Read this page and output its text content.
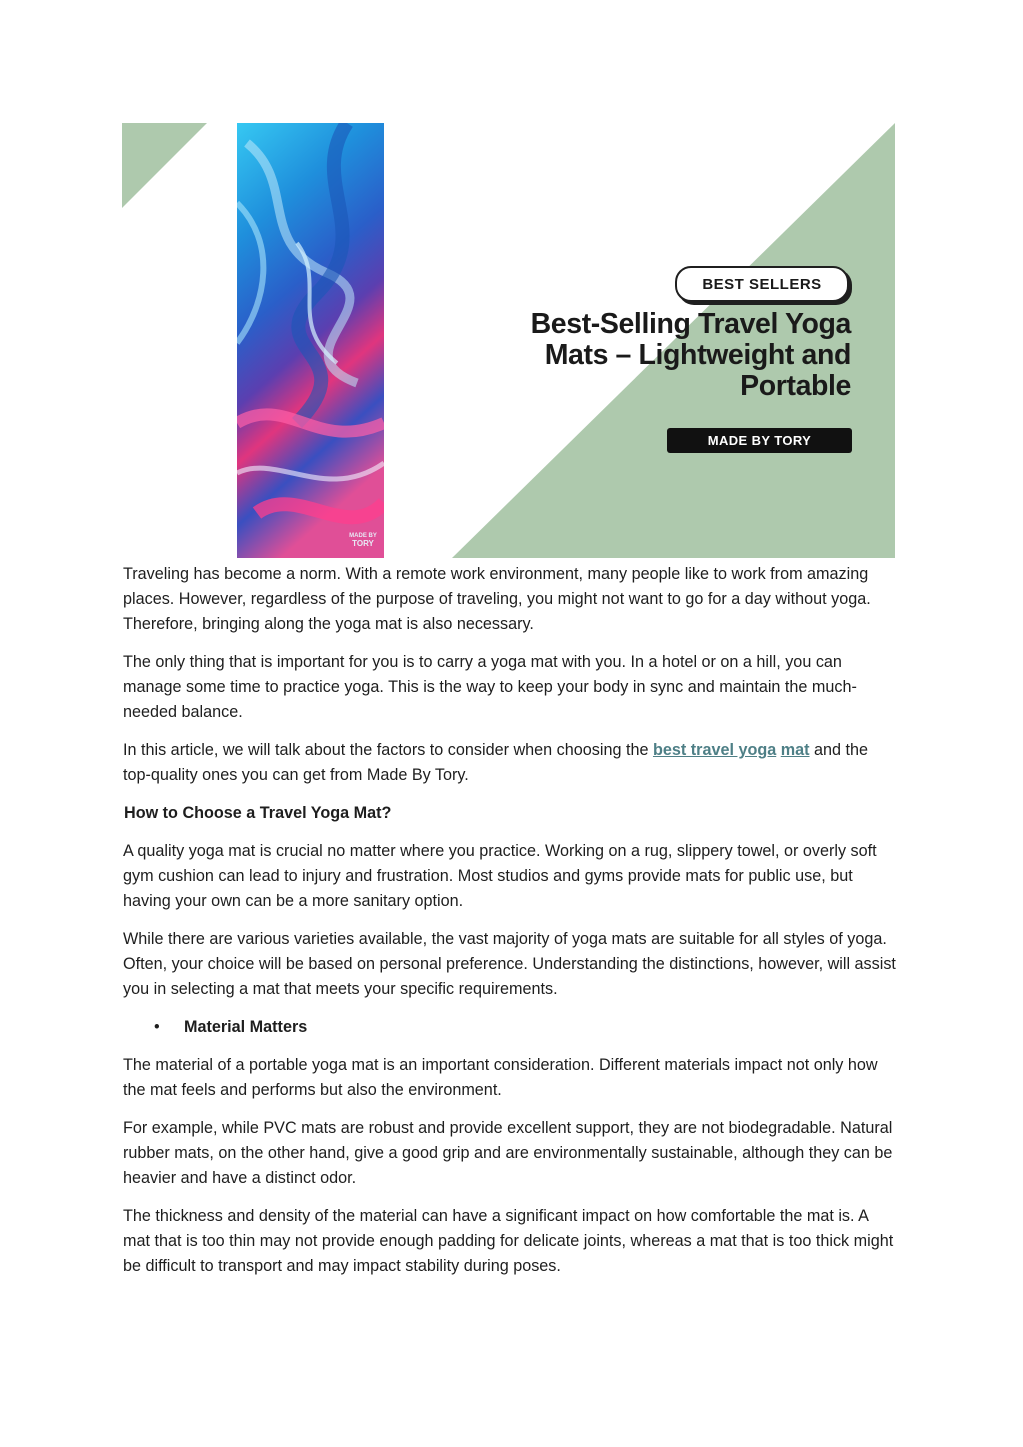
MADE BY
TORY
BEST SELLERS
Best-Selling Travel Yoga
Mats – Lightweight and
Portable
MADE BY TORY

Traveling has become a norm. With a remote work environment, many people like to work from amazing places. However, regardless of the purpose of traveling, you might not want to go for a day without yoga. Therefore, bringing along the yoga mat is also necessary.

The only thing that is important for you is to carry a yoga mat with you. In a hotel or on a hill, you can manage some time to practice yoga. This is the way to keep your body in sync and maintain the much-needed balance.

In this article, we will talk about the factors to consider when choosing the best travel yoga mat and the top-quality ones you can get from Made By Tory.

How to Choose a Travel Yoga Mat?

A quality yoga mat is crucial no matter where you practice. Working on a rug, slippery towel, or overly soft gym cushion can lead to injury and frustration. Most studios and gyms provide mats for public use, but having your own can be a more sanitary option.

While there are various varieties available, the vast majority of yoga mats are suitable for all styles of yoga. Often, your choice will be based on personal preference. Understanding the distinctions, however, will assist you in selecting a mat that meets your specific requirements.

•	Material Matters

The material of a portable yoga mat is an important consideration. Different materials impact not only how the mat feels and performs but also the environment.

For example, while PVC mats are robust and provide excellent support, they are not biodegradable. Natural rubber mats, on the other hand, give a good grip and are environmentally sustainable, although they can be heavier and have a distinct odor.

The thickness and density of the material can have a significant impact on how comfortable the mat is. A mat that is too thin may not provide enough padding for delicate joints, whereas a mat that is too thick might be difficult to transport and may impact stability during poses.
